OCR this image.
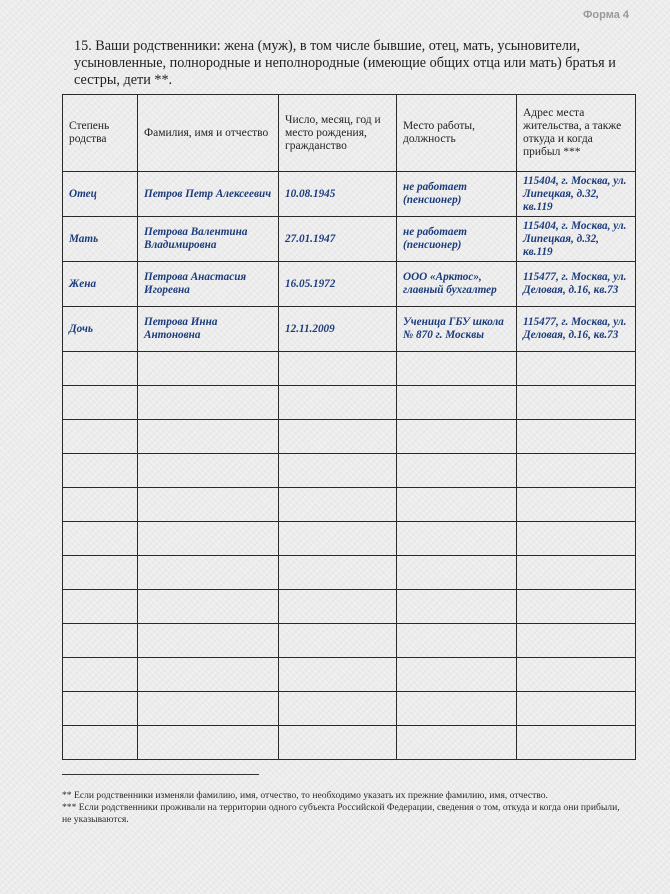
Форма 4
15. Ваши родственники: жена (муж), в том числе бывшие, отец, мать, усыновители, усыновленные, полнородные и неполнородные (имеющие общих отца или мать) братья и сестры, дети **.
Степень родства	Фамилия, имя и отчество	Число, месяц, год и место рождения, гражданство	Место работы, должность	Адрес места жительства, а также откуда и когда прибыл ***

Отец	Петров Петр Алексеевич	10.08.1945	не работает (пенсионер)	115404, г. Москва, ул. Липецкая, д.32, кв.119

Мать	Петрова Валентина Владимировна	27.01.1947	не работает (пенсионер)	115404, г. Москва, ул. Липецкая, д.32, кв.119

Жена	Петрова Анастасия Игоревна	16.05.1972	ООО «Арктос», главный бухгалтер	115477, г. Москва, ул. Деловая, д.16, кв.73

Дочь	Петрова Инна Антоновна	12.11.2009	Ученица ГБУ школа № 870 г. Москвы	115477, г. Москва, ул. Деловая, д.16, кв.73

** Если родственники изменяли фамилию, имя, отчество, то необходимо указать их прежние фамилию, имя, отчество.

*** Если родственники проживали на территории одного субъекта Российской Федерации, сведения о том, откуда и когда они прибыли, не указываются.
